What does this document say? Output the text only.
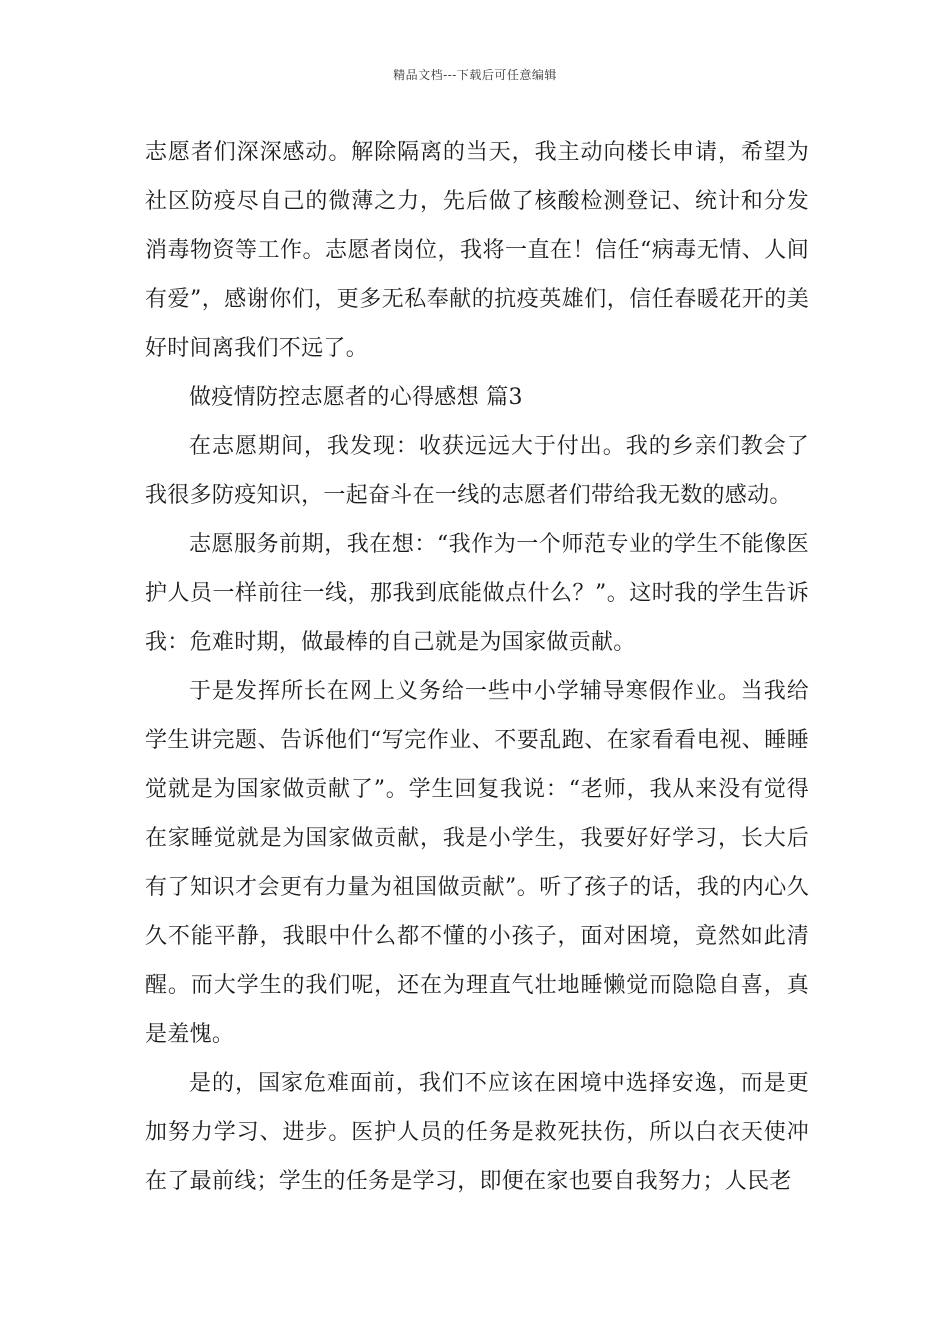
精品文档---下载后可任意编辑

志愿者们深深感动。解除隔离的当天，我主动向楼长申请，希望为社区防疫尽自己的微薄之力，先后做了核酸检测登记、统计和分发消毒物资等工作。志愿者岗位，我将一直在！信任“病毒无情、人间有爱”，感谢你们，更多无私奉献的抗疫英雄们，信任春暖花开的美好时间离我们不远了。

做疫情防控志愿者的心得感想 篇3

在志愿期间，我发现：收获远远大于付出。我的乡亲们教会了我很多防疫知识，一起奋斗在一线的志愿者们带给我无数的感动。

志愿服务前期，我在想：“我作为一个师范专业的学生不能像医护人员一样前往一线，那我到底能做点什么？”。这时我的学生告诉我：危难时期，做最棒的自己就是为国家做贡献。

于是发挥所长在网上义务给一些中小学辅导寒假作业。当我给学生讲完题、告诉他们“写完作业、不要乱跑、在家看看电视、睡睡觉就是为国家做贡献了”。学生回复我说：“老师，我从来没有觉得在家睡觉就是为国家做贡献，我是小学生，我要好好学习，长大后有了知识才会更有力量为祖国做贡献”。听了孩子的话，我的内心久久不能平静，我眼中什么都不懂的小孩子，面对困境，竟然如此清醒。而大学生的我们呢，还在为理直气壮地睡懒觉而隐隐自喜，真是羞愧。

是的，国家危难面前，我们不应该在困境中选择安逸，而是更加努力学习、进步。医护人员的任务是救死扶伤，所以白衣天使冲在了最前线；学生的任务是学习，即便在家也要自我努力；人民老
